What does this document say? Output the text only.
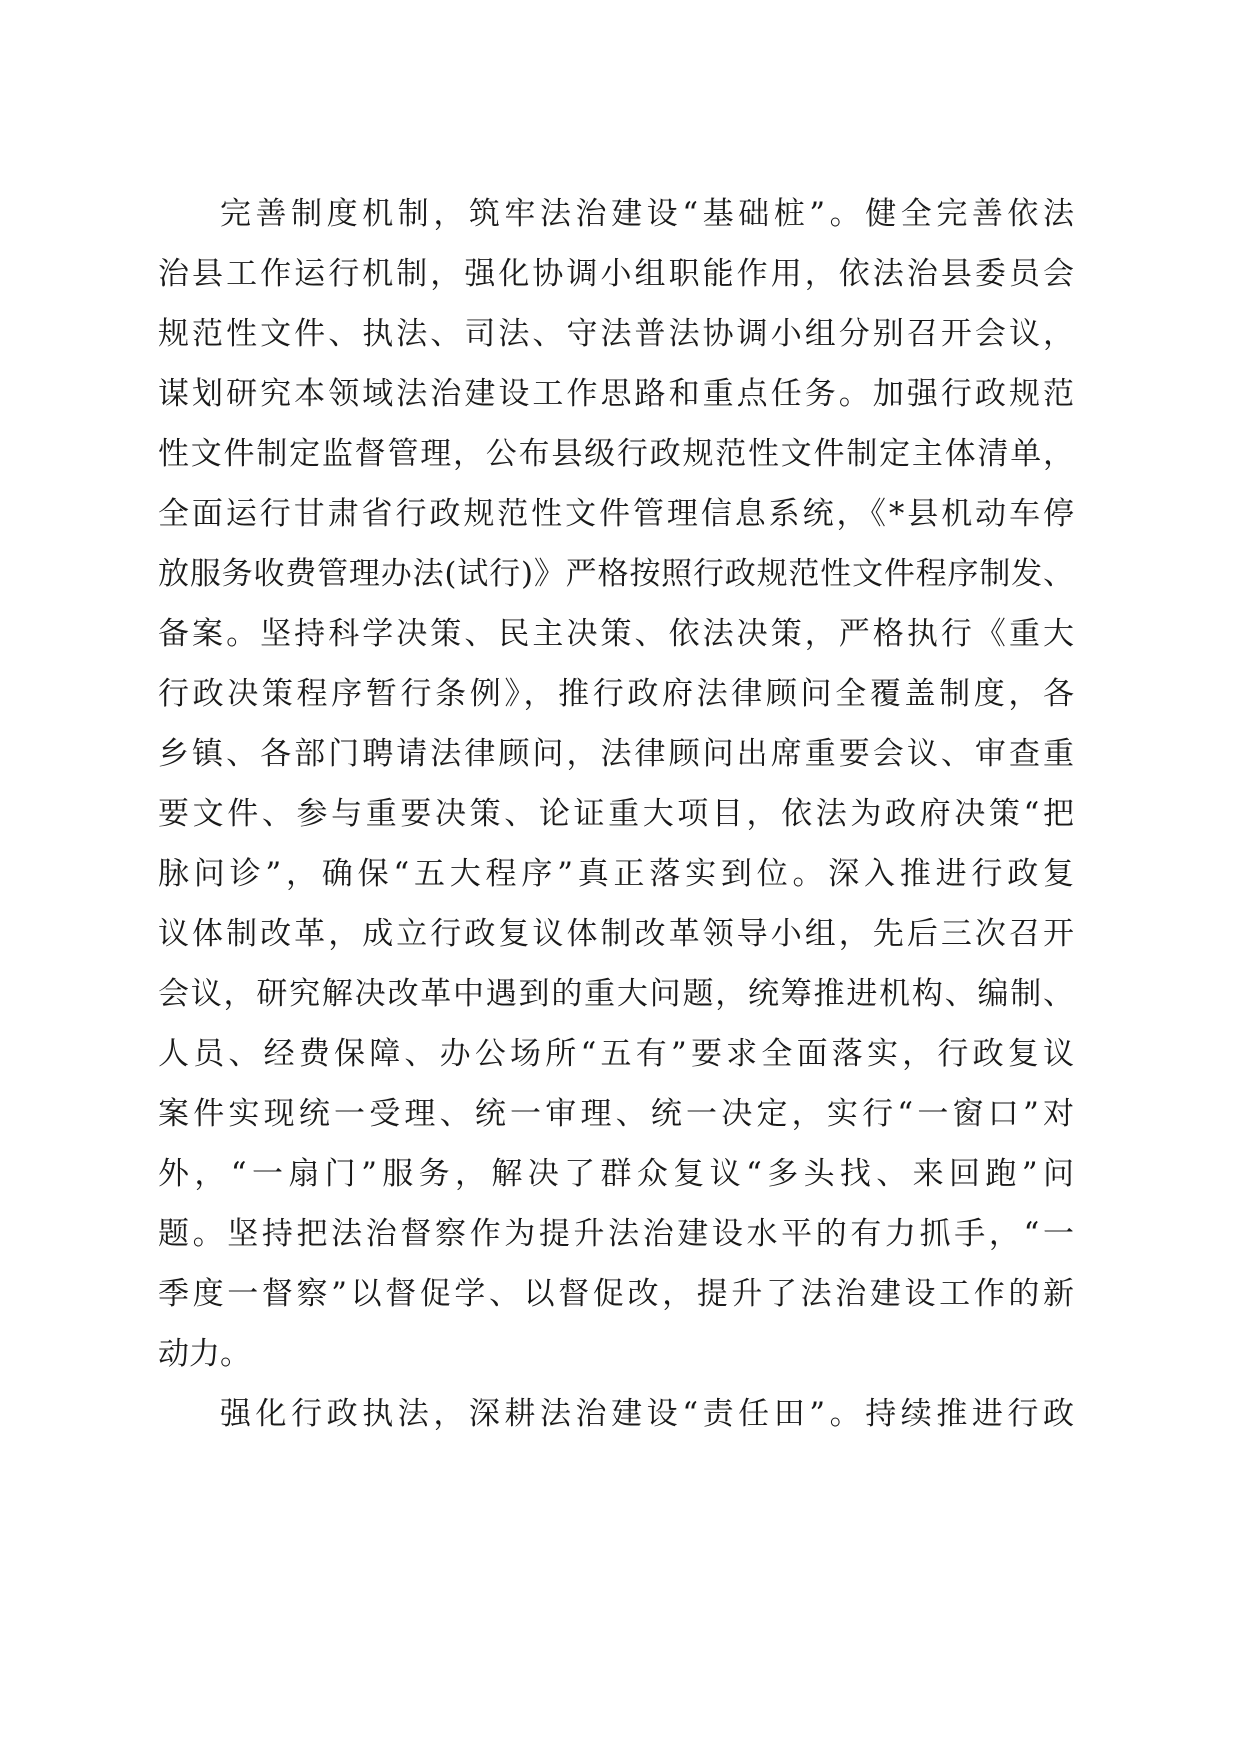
完善制度机制，筑牢法治建设“基础桩”。健全完善依法
治县工作运行机制，强化协调小组职能作用，依法治县委员会
规范性文件、执法、司法、守法普法协调小组分别召开会议，
谋划研究本领域法治建设工作思路和重点任务。加强行政规范
性文件制定监督管理，公布县级行政规范性文件制定主体清单，
全面运行甘肃省行政规范性文件管理信息系统，《*县机动车停
放服务收费管理办法(试行)》严格按照行政规范性文件程序制发、
备案。坚持科学决策、民主决策、依法决策，严格执行《重大
行政决策程序暂行条例》，推行政府法律顾问全覆盖制度，各
乡镇、各部门聘请法律顾问，法律顾问出席重要会议、审查重
要文件、参与重要决策、论证重大项目，依法为政府决策“把
脉问诊”，确保“五大程序”真正落实到位。深入推进行政复
议体制改革，成立行政复议体制改革领导小组，先后三次召开
会议，研究解决改革中遇到的重大问题，统筹推进机构、编制、
人员、经费保障、办公场所“五有”要求全面落实，行政复议
案件实现统一受理、统一审理、统一决定，实行“一窗口”对
外，“一扇门”服务，解决了群众复议“多头找、来回跑”问
题。坚持把法治督察作为提升法治建设水平的有力抓手，“一
季度一督察”以督促学、以督促改，提升了法治建设工作的新
动力。
强化行政执法，深耕法治建设“责任田”。持续推进行政
